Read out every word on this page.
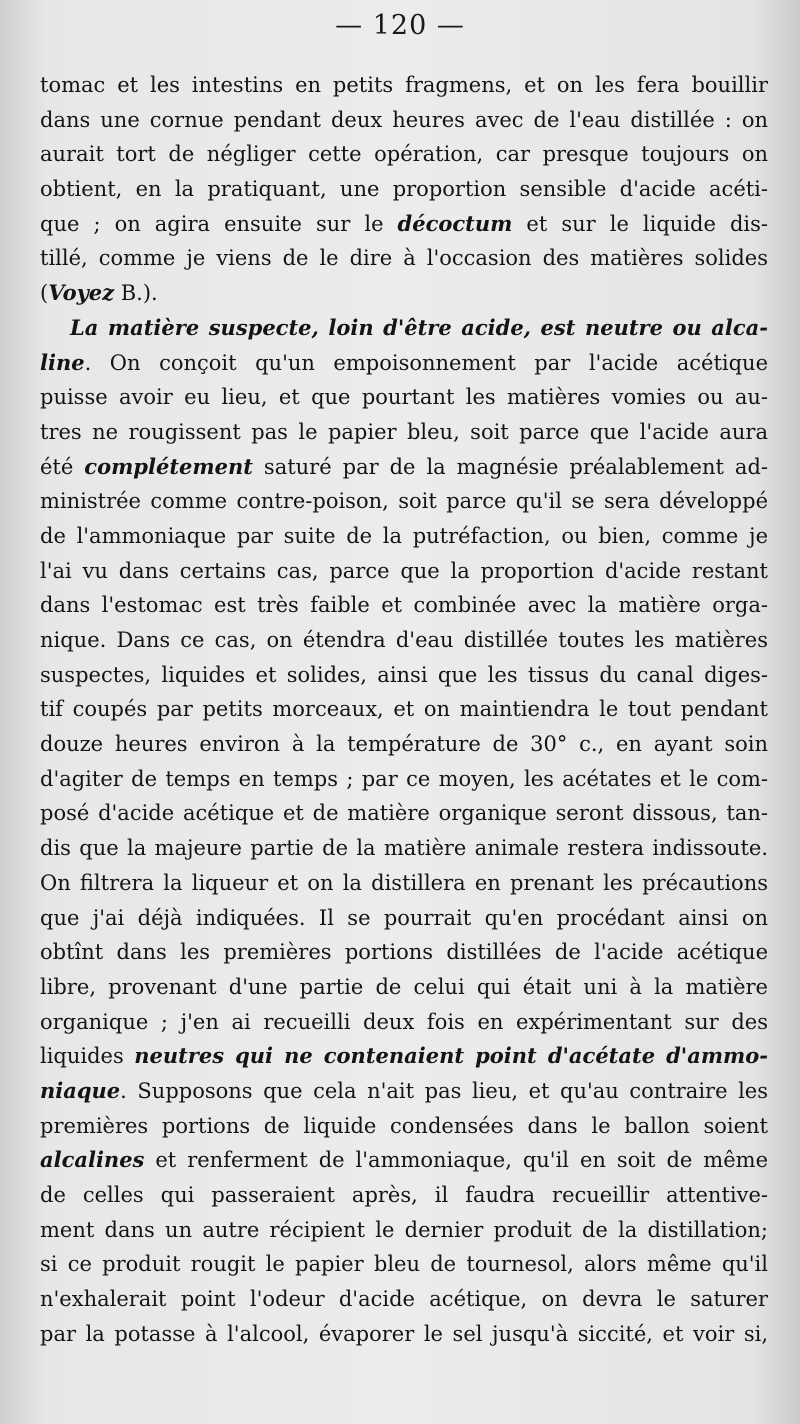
— 120 —
tomac et les intestins en petits fragmens, et on les fera bouillir
dans une cornue pendant deux heures avec de l'eau distillée : on
aurait tort de négliger cette opération, car presque toujours on
obtient, en la pratiquant, une proportion sensible d'acide acéti-
que ; on agira ensuite sur le décoctum et sur le liquide dis-
tillé, comme je viens de le dire à l'occasion des matières solides
(Voyez B.).
La matière suspecte, loin d'être acide, est neutre ou alca-
line. On conçoit qu'un empoisonnement par l'acide acétique
puisse avoir eu lieu, et que pourtant les matières vomies ou au-
tres ne rougissent pas le papier bleu, soit parce que l'acide aura
été complétement saturé par de la magnésie préalablement ad-
ministrée comme contre-poison, soit parce qu'il se sera développé
de l'ammoniaque par suite de la putréfaction, ou bien, comme je
l'ai vu dans certains cas, parce que la proportion d'acide restant
dans l'estomac est très faible et combinée avec la matière orga-
nique. Dans ce cas, on étendra d'eau distillée toutes les matières
suspectes, liquides et solides, ainsi que les tissus du canal diges-
tif coupés par petits morceaux, et on maintiendra le tout pendant
douze heures environ à la température de 30° c., en ayant soin
d'agiter de temps en temps ; par ce moyen, les acétates et le com-
posé d'acide acétique et de matière organique seront dissous, tan-
dis que la majeure partie de la matière animale restera indissoute.
On filtrera la liqueur et on la distillera en prenant les précautions
que j'ai déjà indiquées. Il se pourrait qu'en procédant ainsi on
obtînt dans les premières portions distillées de l'acide acétique
libre, provenant d'une partie de celui qui était uni à la matière
organique ; j'en ai recueilli deux fois en expérimentant sur des
liquides neutres qui ne contenaient point d'acétate d'ammo-
niaque. Supposons que cela n'ait pas lieu, et qu'au contraire les
premières portions de liquide condensées dans le ballon soient
alcalines et renferment de l'ammoniaque, qu'il en soit de même
de celles qui passeraient après, il faudra recueillir attentive-
ment dans un autre récipient le dernier produit de la distillation;
si ce produit rougit le papier bleu de tournesol, alors même qu'il
n'exhalerait point l'odeur d'acide acétique, on devra le saturer
par la potasse à l'alcool, évaporer le sel jusqu'à siccité, et voir si,
